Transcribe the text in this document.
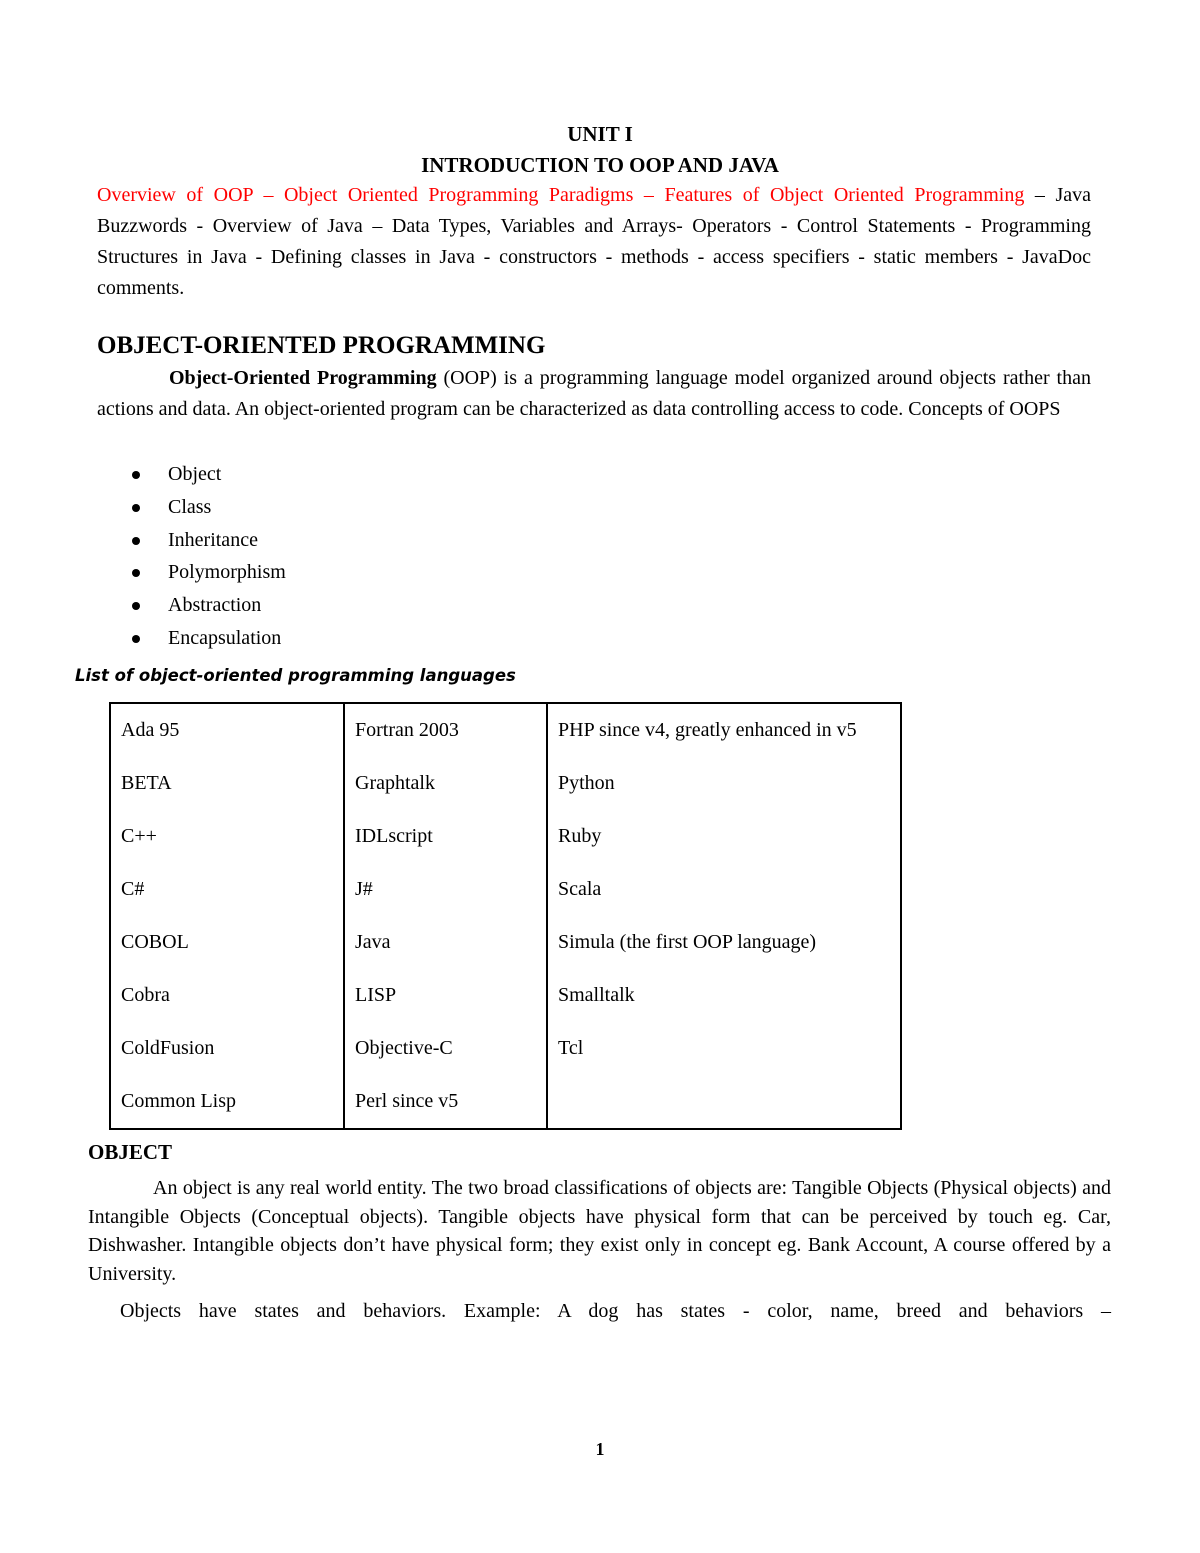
UNIT I
INTRODUCTION TO OOP AND JAVA
Overview of OOP – Object Oriented Programming Paradigms – Features of Object Oriented Programming – Java Buzzwords - Overview of Java – Data Types, Variables and Arrays- Operators - Control Statements - Programming Structures in Java - Defining classes in Java - constructors - methods - access specifiers - static members - JavaDoc comments.
OBJECT-ORIENTED PROGRAMMING
Object-Oriented Programming (OOP) is a programming language model organized around objects rather than actions and data. An object-oriented program can be characterized as data controlling access to code. Concepts of OOPS
Object
Class
Inheritance
Polymorphism
Abstraction
Encapsulation
List of object-oriented programming languages
Ada 95	Fortran 2003	PHP since v4, greatly enhanced in v5
BETA	Graphtalk	Python
C++	IDLscript	Ruby
C#	J#	Scala
COBOL	Java	Simula (the first OOP language)
Cobra	LISP	Smalltalk
ColdFusion	Objective-C	Tcl
Common Lisp	Perl since v5	
OBJECT
An object is any real world entity. The two broad classifications of objects are: Tangible Objects (Physical objects) and Intangible Objects (Conceptual objects). Tangible objects have physical form that can be perceived by touch eg. Car, Dishwasher. Intangible objects don’t have physical form; they exist only in concept eg. Bank Account, A course offered by a University.
Objects have states and behaviors. Example: A dog has states - color, name, breed and behaviors –
1
